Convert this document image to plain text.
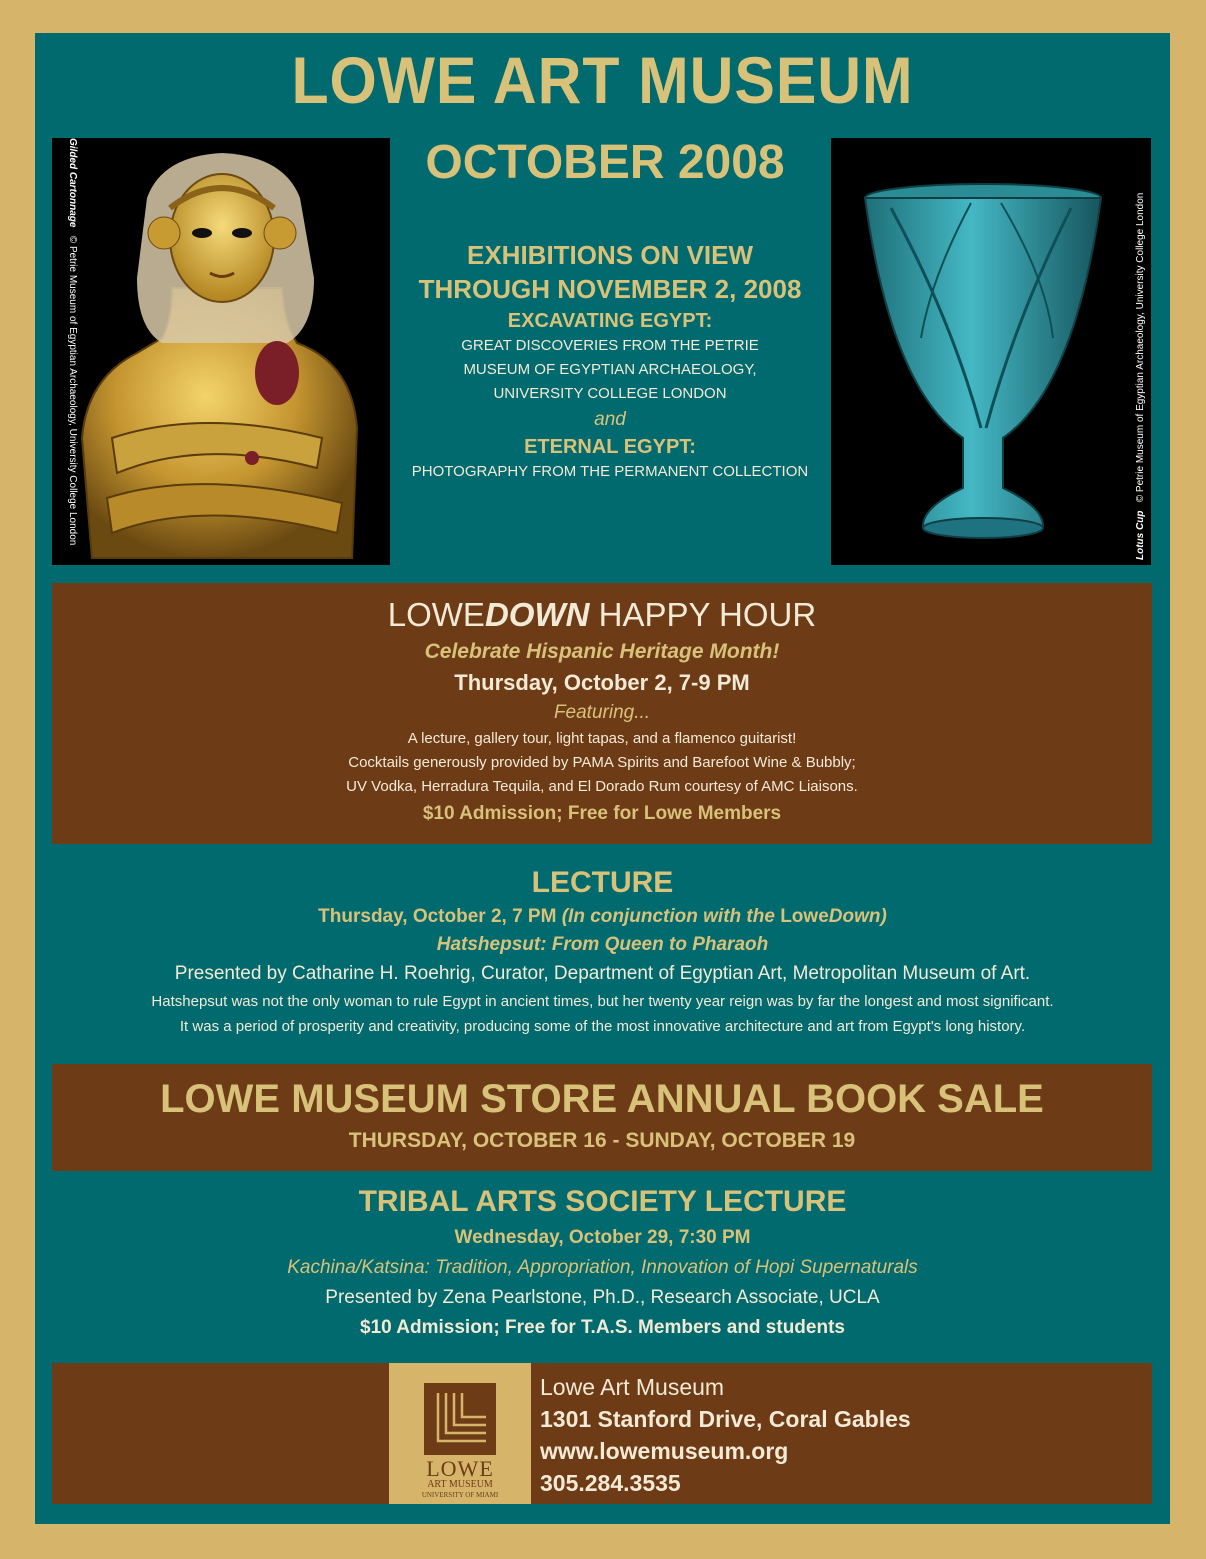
LOWE ART MUSEUM
Gilded Cartonnage   © Petrie Museum of Egyptian Archaeology, University College London
OCTOBER 2008
EXHIBITIONS ON VIEW
THROUGH NOVEMBER 2, 2008
EXCAVATING EGYPT:
GREAT DISCOVERIES FROM THE PETRIE
MUSEUM OF EGYPTIAN ARCHAEOLOGY,
UNIVERSITY COLLEGE LONDON
and
ETERNAL EGYPT:
PHOTOGRAPHY FROM THE PERMANENT COLLECTION
Lotus Cup   © Petrie Museum of Egyptian Archaeology, University College London
LOWEDOWN HAPPY HOUR
Celebrate Hispanic Heritage Month!
Thursday, October 2, 7-9 PM
Featuring...
A lecture, gallery tour, light tapas, and a flamenco guitarist!
Cocktails generously provided by PAMA Spirits and Barefoot Wine & Bubbly;
UV Vodka, Herradura Tequila, and El Dorado Rum courtesy of AMC Liaisons.
$10 Admission; Free for Lowe Members
LECTURE
Thursday, October 2, 7 PM (In conjunction with the LoweDown)
Hatshepsut: From Queen to Pharaoh
Presented by Catharine H. Roehrig, Curator, Department of Egyptian Art, Metropolitan Museum of Art.
Hatshepsut was not the only woman to rule Egypt in ancient times, but her twenty year reign was by far the longest and most significant.
It was a period of prosperity and creativity, producing some of the most innovative architecture and art from Egypt's long history.
LOWE MUSEUM STORE ANNUAL BOOK SALE
THURSDAY, OCTOBER 16 - SUNDAY, OCTOBER 19
TRIBAL ARTS SOCIETY LECTURE
Wednesday, October 29, 7:30 PM
Kachina/Katsina: Tradition, Appropriation, Innovation of Hopi Supernaturals
Presented by Zena Pearlstone, Ph.D., Research Associate, UCLA
$10 Admission; Free for T.A.S. Members and students
LOWE
ART MUSEUM
UNIVERSITY OF MIAMI
Lowe Art Museum
1301 Stanford Drive, Coral Gables
www.lowemuseum.org
305.284.3535
